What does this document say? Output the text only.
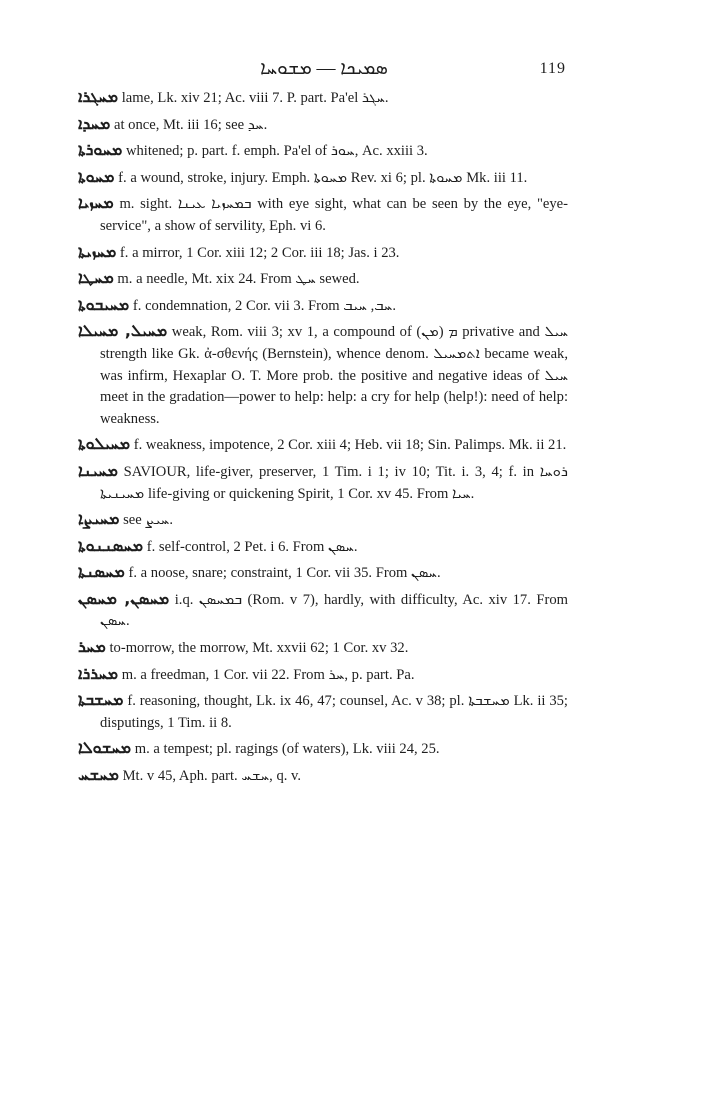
ܣܡܝܟܐ — ܡܫܘܚܐ	119

ܡܚܓܪܐ lame, Lk. xiv 21; Ac. viii 7. P. part. Pa'el ܚܓܪ.

ܡܚܕܐ at once, Mt. iii 16; see ܚܕ.

ܡܚܘܪܬܐ whitened; p. part. f. emph. Pa'el of ܚܘܪ, Ac. xxiii 3.

ܡܚܘܬܐ f. a wound, stroke, injury. Emph. ܡܚܘܬܐ Rev. xi 6; pl. ܡܚܘܬܐ Mk. iii 11.

ܡܚܙܝܐ m. sight. ܒܡܚܙܝܐ ܥܝܢܐ with eye sight, what can be seen by the eye, "eye-service", a show of servility, Eph. vi 6.

ܡܚܙܝܬܐ f. a mirror, 1 Cor. xiii 12; 2 Cor. iii 18; Jas. i 23.

ܡܚܛܐ m. a needle, Mt. xix 24. From ܚܛ sewed.

ܡܚܝܒܘܬܐ f. condemnation, 2 Cor. vii 3. From ܚܒ, ܚܝܒ.

ܡܚܝܠ, ܡܚܝܠܐ weak, Rom. viii 3; xv 1, a compound of ܡ (ܡܢ) privative and ܚܝܠ strength like Gk. ἀ-σθενής (Bernstein), whence denom. ܐܬܡܚܝܠ became weak, was infirm, Hexaplar O. T. More prob. the positive and negative ideas of ܚܝܠ meet in the gradation—power to help: help: a cry for help (help!): need of help: weakness.

ܡܚܝܠܘܬܐ f. weakness, impotence, 2 Cor. xiii 4; Heb. vii 18; Sin. Palimps. Mk. ii 21.

ܡܚܝܢܐ SAVIOUR, life-giver, preserver, 1 Tim. i 1; iv 10; Tit. i. 3, 4; f. in ܪܘܚܐ ܡܚܝܢܝܬܐ life-giving or quickening Spirit, 1 Cor. xv 45. From ܚܝܐ.

ܡܚܝܨܐ see ܚܝܨ.

ܡܚܣܢܢܘܬܐ f. self-control, 2 Pet. i 6. From ܚܣܢ.

ܡܚܣܢܬܐ f. a noose, snare; constraint, 1 Cor. vii 35. From ܚܣܢ.

ܡܚܣܢ, ܡܚܣܢ i.q. ܒܡܚܣܢ (Rom. v 7), hardly, with difficulty, Ac. xiv 17. From ܚܣܢ.

ܡܚܪ to-morrow, the morrow, Mt. xxvii 62; 1 Cor. xv 32.

ܡܚܪܪܐ m. a freedman, 1 Cor. vii 22. From ܚܪ, p. part. Pa.

ܡܚܫܒܬܐ f. reasoning, thought, Lk. ix 46, 47; counsel, Ac. v 38; pl. ܡܚܫܒܬܐ Lk. ii 35; disputings, 1 Tim. ii 8.

ܡܚܫܘܠܐ m. a tempest; pl. ragings (of waters), Lk. viii 24, 25.

ܡܚܫܚ Mt. v 45, Aph. part. ܚܫܚ, q. v.
